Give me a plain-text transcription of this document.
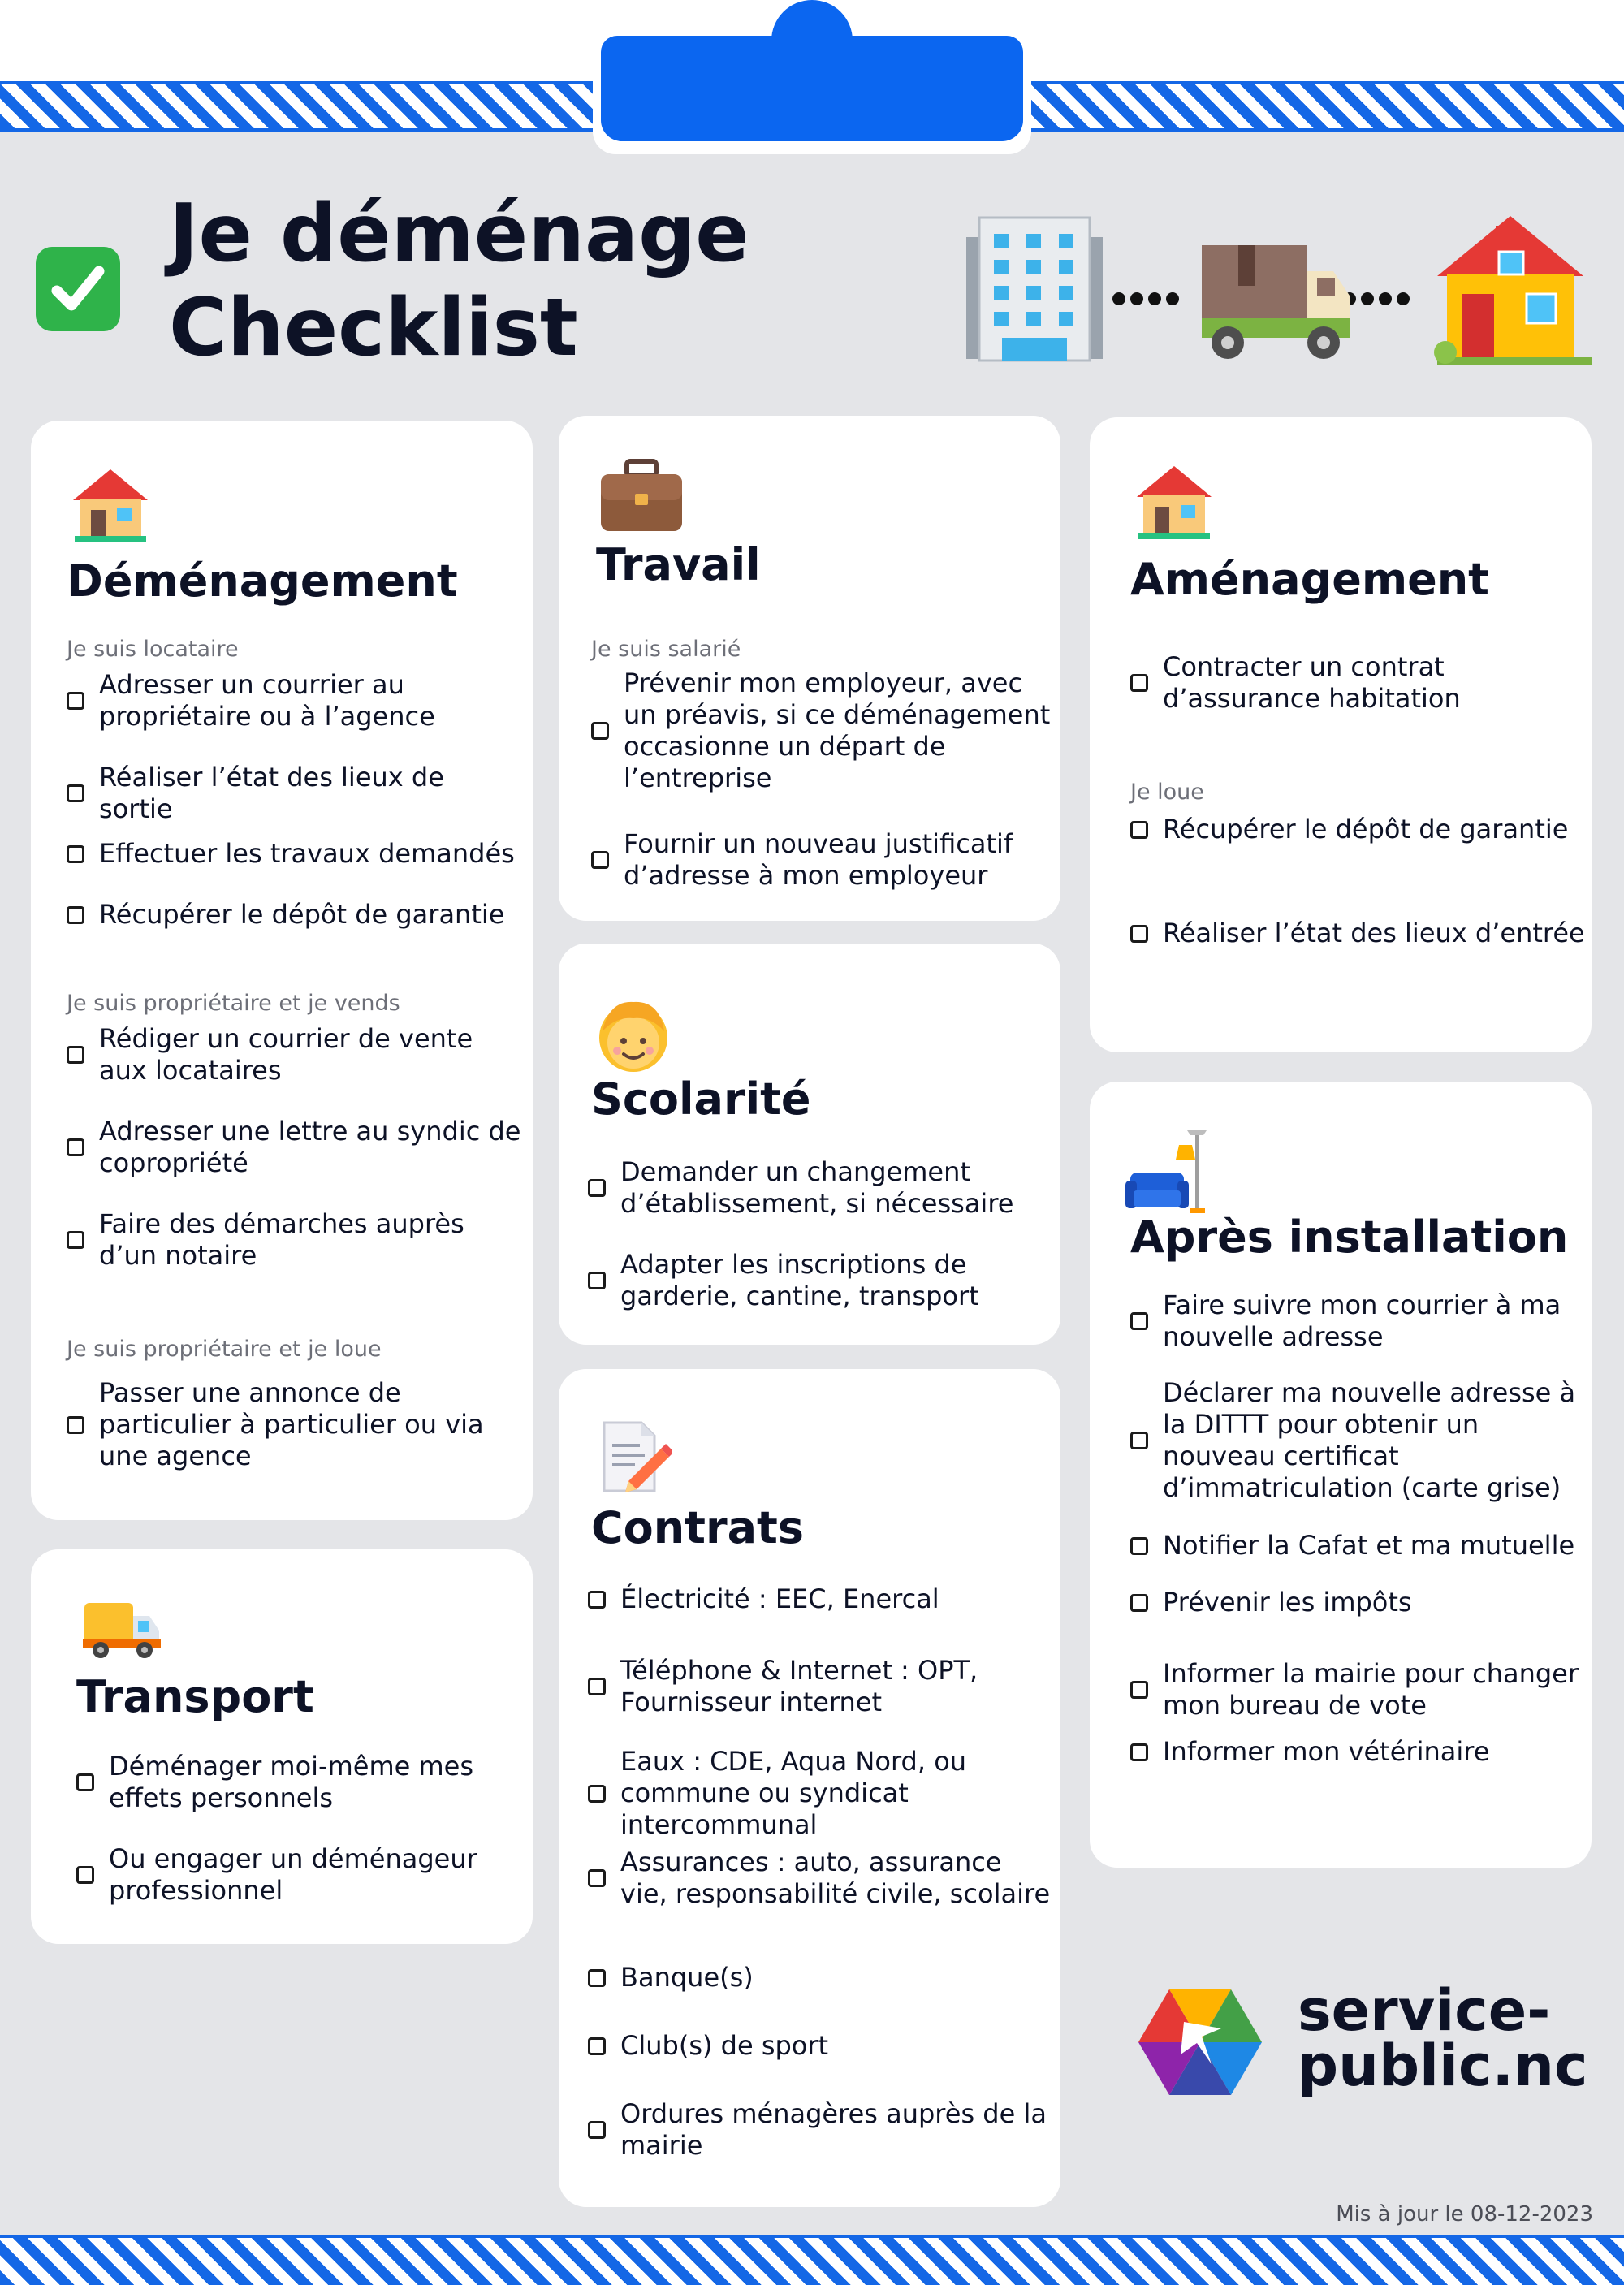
Je déménage
Checklist
Déménagement
Je suis locataire
Adresser un courrier au propriétaire ou à l’agence
Réaliser l’état des lieux de sortie
Effectuer les travaux demandés
Récupérer le dépôt de garantie
Je suis propriétaire et je vends
Rédiger un courrier de vente aux locataires
Adresser une lettre au syndic de copropriété
Faire des démarches auprès d’un notaire
Je suis propriétaire et je loue
Passer une annonce de particulier à particulier ou via une agence
Transport
Déménager moi-même mes effets personnels
Ou engager un déménageur professionnel
Travail
Je suis salarié
Prévenir mon employeur, avec un préavis, si ce déménagement occasionne un départ de l’entreprise
Fournir un nouveau justificatif d’adresse à mon employeur
Scolarité
Demander un changement d’établissement, si nécessaire
Adapter les inscriptions de garderie, cantine, transport
Contrats
Électricité : EEC, Enercal
Téléphone & Internet : OPT, Fournisseur internet
Eaux : CDE, Aqua Nord, ou commune ou syndicat intercommunal
Assurances : auto, assurance vie, responsabilité civile, scolaire
Banque(s)
Club(s) de sport
Ordures ménagères auprès de la mairie
Aménagement
Contracter un contrat d’assurance habitation
Je loue
Récupérer le dépôt de garantie
Réaliser l’état des lieux d’entrée
Après installation
Faire suivre mon courrier à ma nouvelle adresse
Déclarer ma nouvelle adresse à la DITTT pour obtenir un nouveau certificat d’immatriculation (carte grise)
Notifier la Cafat et ma mutuelle
Prévenir les impôts
Informer la mairie pour changer mon bureau de vote
Informer mon vétérinaire
service-
public.nc
Mis à jour le 08-12-2023
